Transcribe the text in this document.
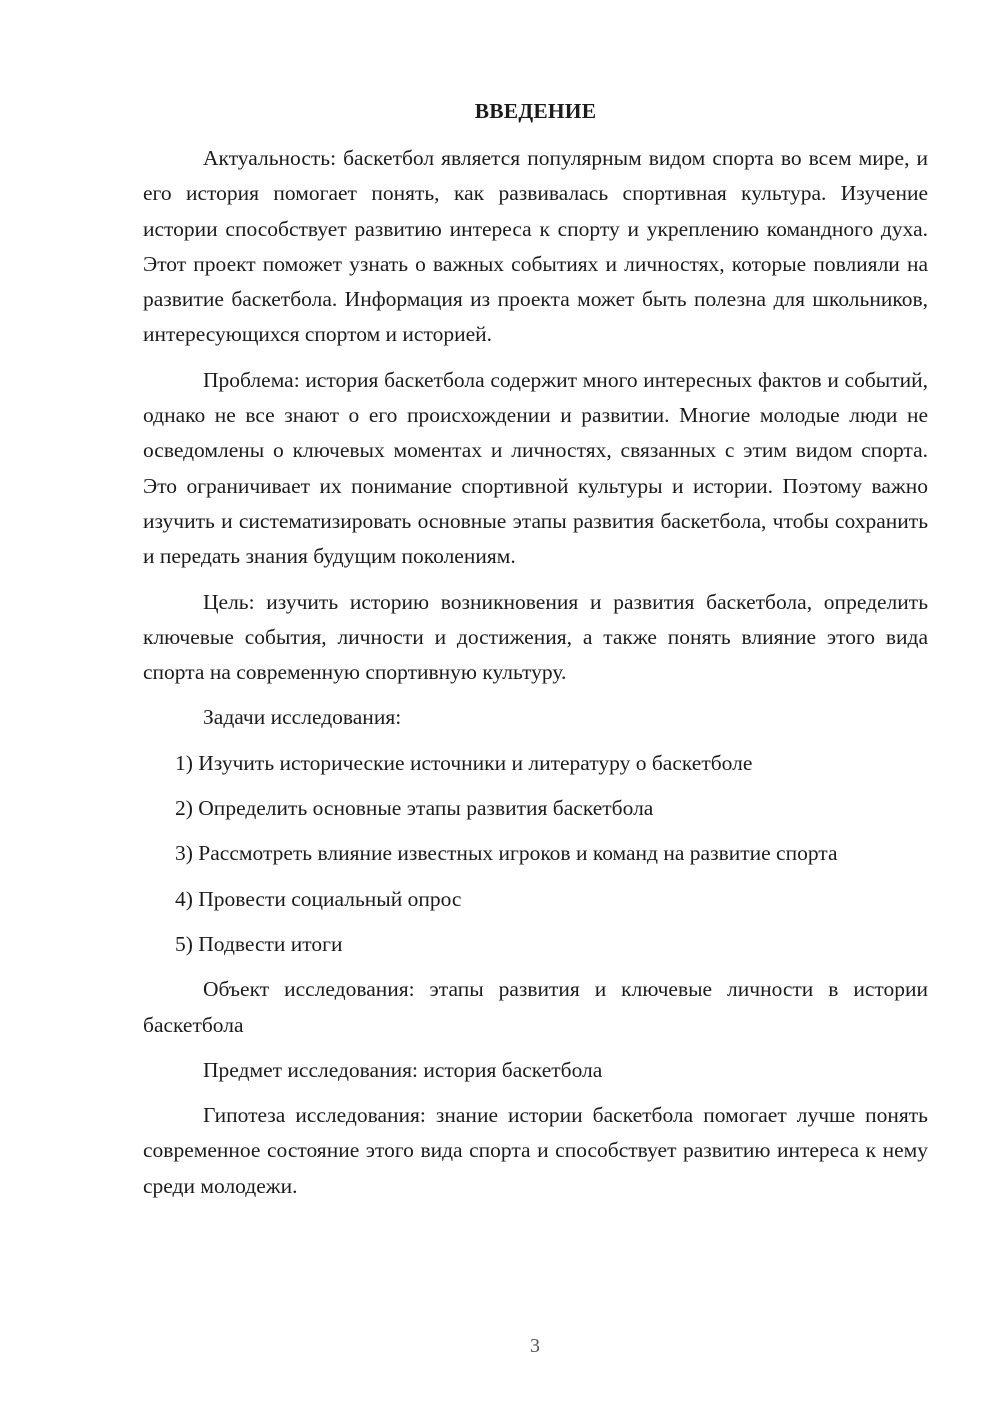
ВВЕДЕНИЕ

Актуальность: баскетбол является популярным видом спорта во всем мире, и его история помогает понять, как развивалась спортивная культура. Изучение истории способствует развитию интереса к спорту и укреплению командного духа. Этот проект поможет узнать о важных событиях и личностях, которые повлияли на развитие баскетбола. Информация из проекта может быть полезна для школьников, интересующихся спортом и историей.

Проблема: история баскетбола содержит много интересных фактов и событий, однако не все знают о его происхождении и развитии. Многие молодые люди не осведомлены о ключевых моментах и личностях, связанных с этим видом спорта. Это ограничивает их понимание спортивной культуры и истории. Поэтому важно изучить и систематизировать основные этапы развития баскетбола, чтобы сохранить и передать знания будущим поколениям.

Цель: изучить историю возникновения и развития баскетбола, определить ключевые события, личности и достижения, а также понять влияние этого вида спорта на современную спортивную культуру.

Задачи исследования:

1) Изучить исторические источники и литературу о баскетболе

2) Определить основные этапы развития баскетбола

3) Рассмотреть влияние известных игроков и команд на развитие спорта

4) Провести социальный опрос

5) Подвести итоги

Объект исследования: этапы развития и ключевые личности в истории баскетбола

Предмет исследования: история баскетбола

Гипотеза исследования: знание истории баскетбола помогает лучше понять современное состояние этого вида спорта и способствует развитию интереса к нему среди молодежи.

3
